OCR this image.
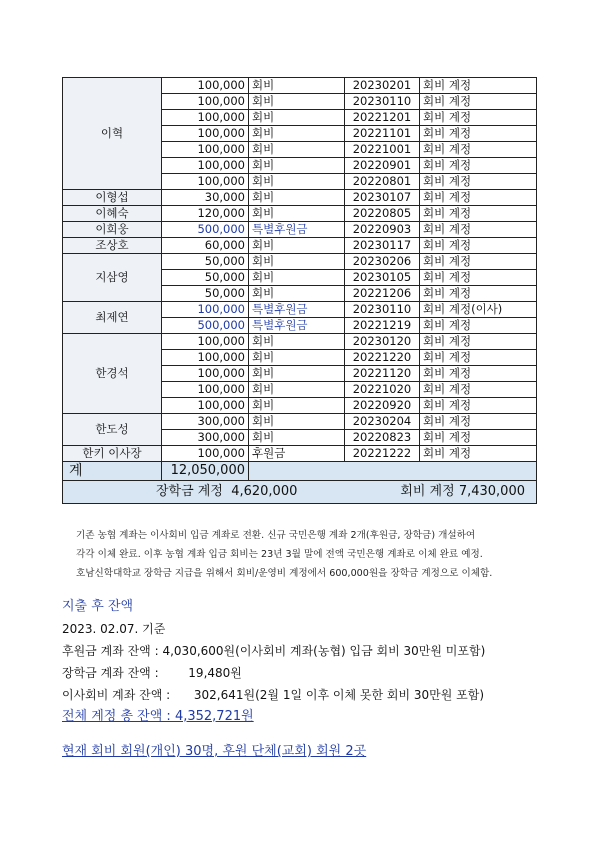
이혁	100,000	회비	20230201	회비 계정
	100,000	회비	20230110	회비 계정
	100,000	회비	20221201	회비 계정
	100,000	회비	20221101	회비 계정
	100,000	회비	20221001	회비 계정
	100,000	회비	20220901	회비 계정
	100,000	회비	20220801	회비 계정
이형섭	30,000	회비	20230107	회비 계정
이혜숙	120,000	회비	20220805	회비 계정
이희웅	500,000	특별후원금	20220903	회비 계정
조상호	60,000	회비	20230117	회비 계정
지삼영	50,000	회비	20230206	회비 계정
	50,000	회비	20230105	회비 계정
	50,000	회비	20221206	회비 계정
최제연	100,000	특별후원금	20230110	회비 계정(이사)
	500,000	특별후원금	20221219	회비 계정
한경석	100,000	회비	20230120	회비 계정
	100,000	회비	20221220	회비 계정
	100,000	회비	20221120	회비 계정
	100,000	회비	20221020	회비 계정
	100,000	회비	20220920	회비 계정
한도성	300,000	회비	20230204	회비 계정
	300,000	회비	20220823	회비 계정
한키 이사장	100,000	후원금	20221222	회비 계정
계	12,050,000			

장학금 계정 4,620,000 회비 계정 7,430,000				

기존 농협 계좌는 이사회비 입금 계좌로 전환. 신규 국민은행 계좌 2개(후원금, 장학금) 개설하여

각각 이체 완료. 이후 농협 계좌 입금 회비는 23년 3월 말에 전액 국민은행 계좌로 이체 완료 예정.

호남신학대학교 장학금 지급을 위해서 회비/운영비 계정에서 600,000원을 장학금 계정으로 이체함.

지출 후 잔액
2023. 02.07. 기준
후원금 계좌 잔액 : 4,030,600원(이사회비 계좌(농협) 입금 회비 30만원 미포함)
장학금 계좌 잔액 : 19,480원
이사회비 계좌 잔액 : 302,641원(2월 1일 이후 이체 못한 회비 30만원 포함)
전체 계정 총 잔액 : 4,352,721원
현재 회비 회원(개인) 30명, 후원 단체(교회) 회원 2곳
